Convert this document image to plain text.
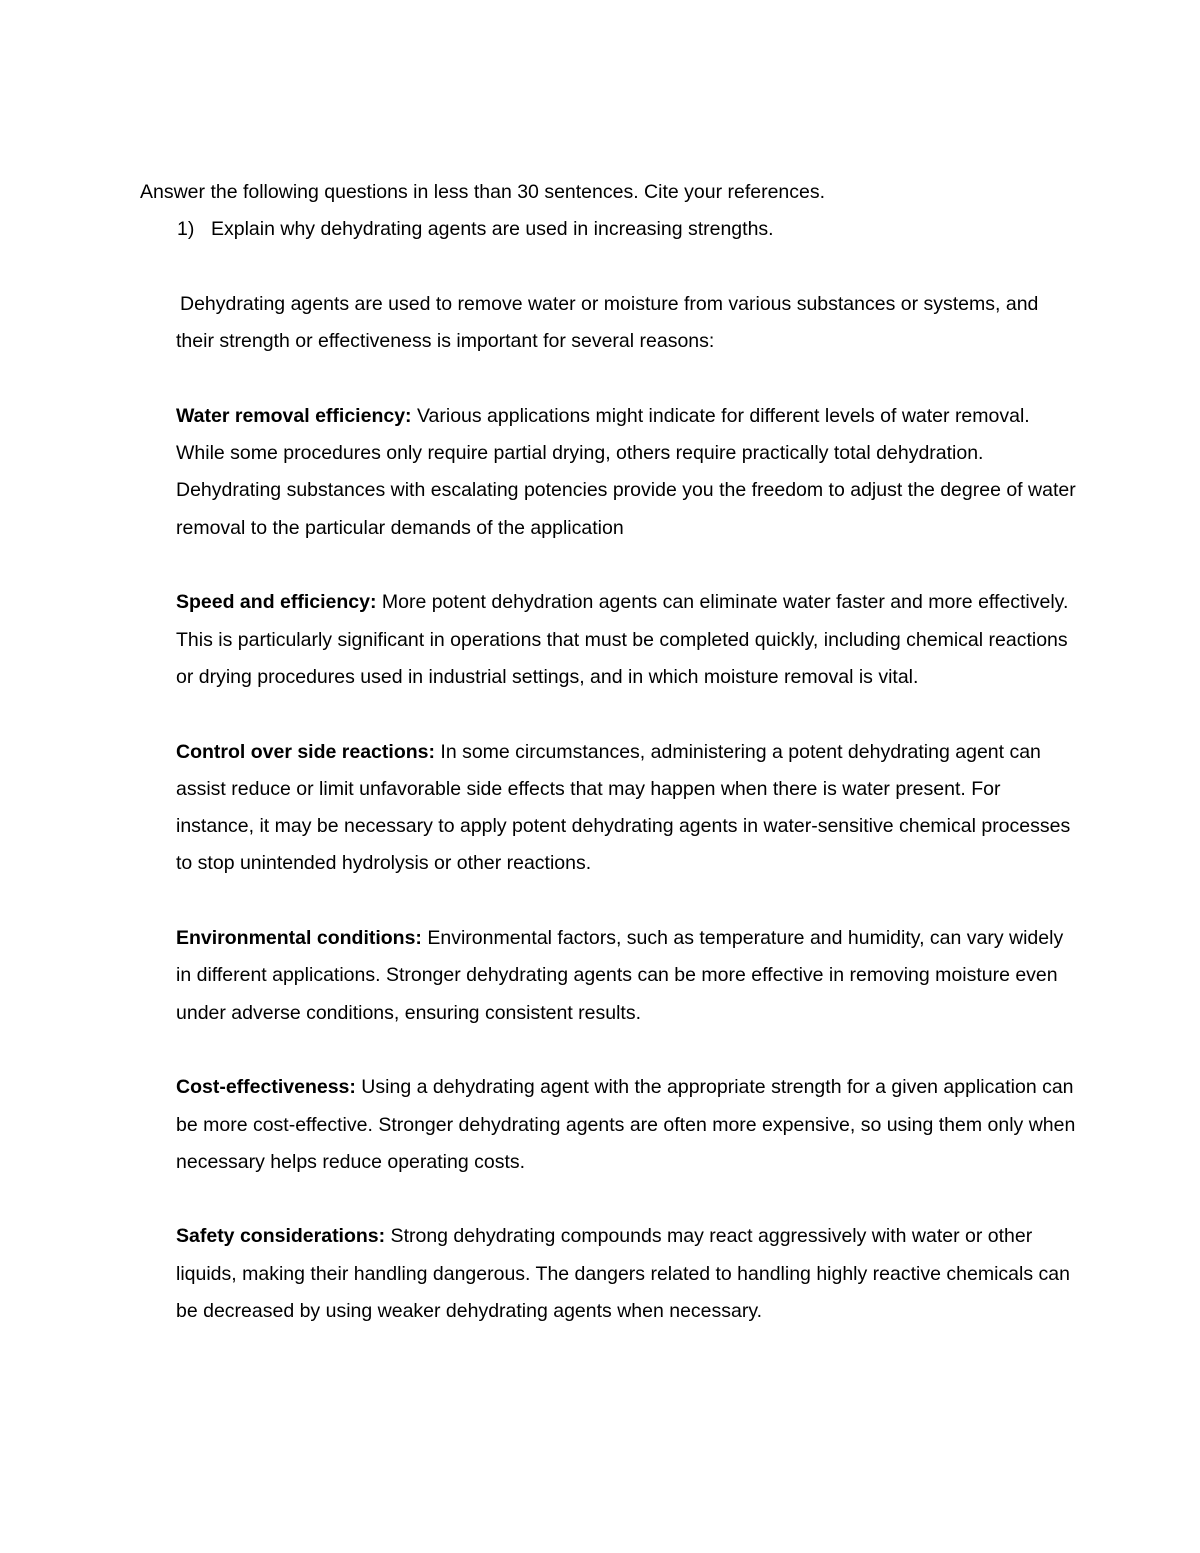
Answer the following questions in less than 30 sentences. Cite your references.
1) Explain why dehydrating agents are used in increasing strengths.

Dehydrating agents are used to remove water or moisture from various substances or systems, and their strength or effectiveness is important for several reasons:

Water removal efficiency: Various applications might indicate for different levels of water removal. While some procedures only require partial drying, others require practically total dehydration. Dehydrating substances with escalating potencies provide you the freedom to adjust the degree of water removal to the particular demands of the application

Speed and efficiency: More potent dehydration agents can eliminate water faster and more effectively. This is particularly significant in operations that must be completed quickly, including chemical reactions or drying procedures used in industrial settings, and in which moisture removal is vital.

Control over side reactions: In some circumstances, administering a potent dehydrating agent can assist reduce or limit unfavorable side effects that may happen when there is water present. For instance, it may be necessary to apply potent dehydrating agents in water-sensitive chemical processes to stop unintended hydrolysis or other reactions.

Environmental conditions: Environmental factors, such as temperature and humidity, can vary widely in different applications. Stronger dehydrating agents can be more effective in removing moisture even under adverse conditions, ensuring consistent results.

Cost-effectiveness: Using a dehydrating agent with the appropriate strength for a given application can be more cost-effective. Stronger dehydrating agents are often more expensive, so using them only when necessary helps reduce operating costs.

Safety considerations: Strong dehydrating compounds may react aggressively with water or other liquids, making their handling dangerous. The dangers related to handling highly reactive chemicals can be decreased by using weaker dehydrating agents when necessary.
